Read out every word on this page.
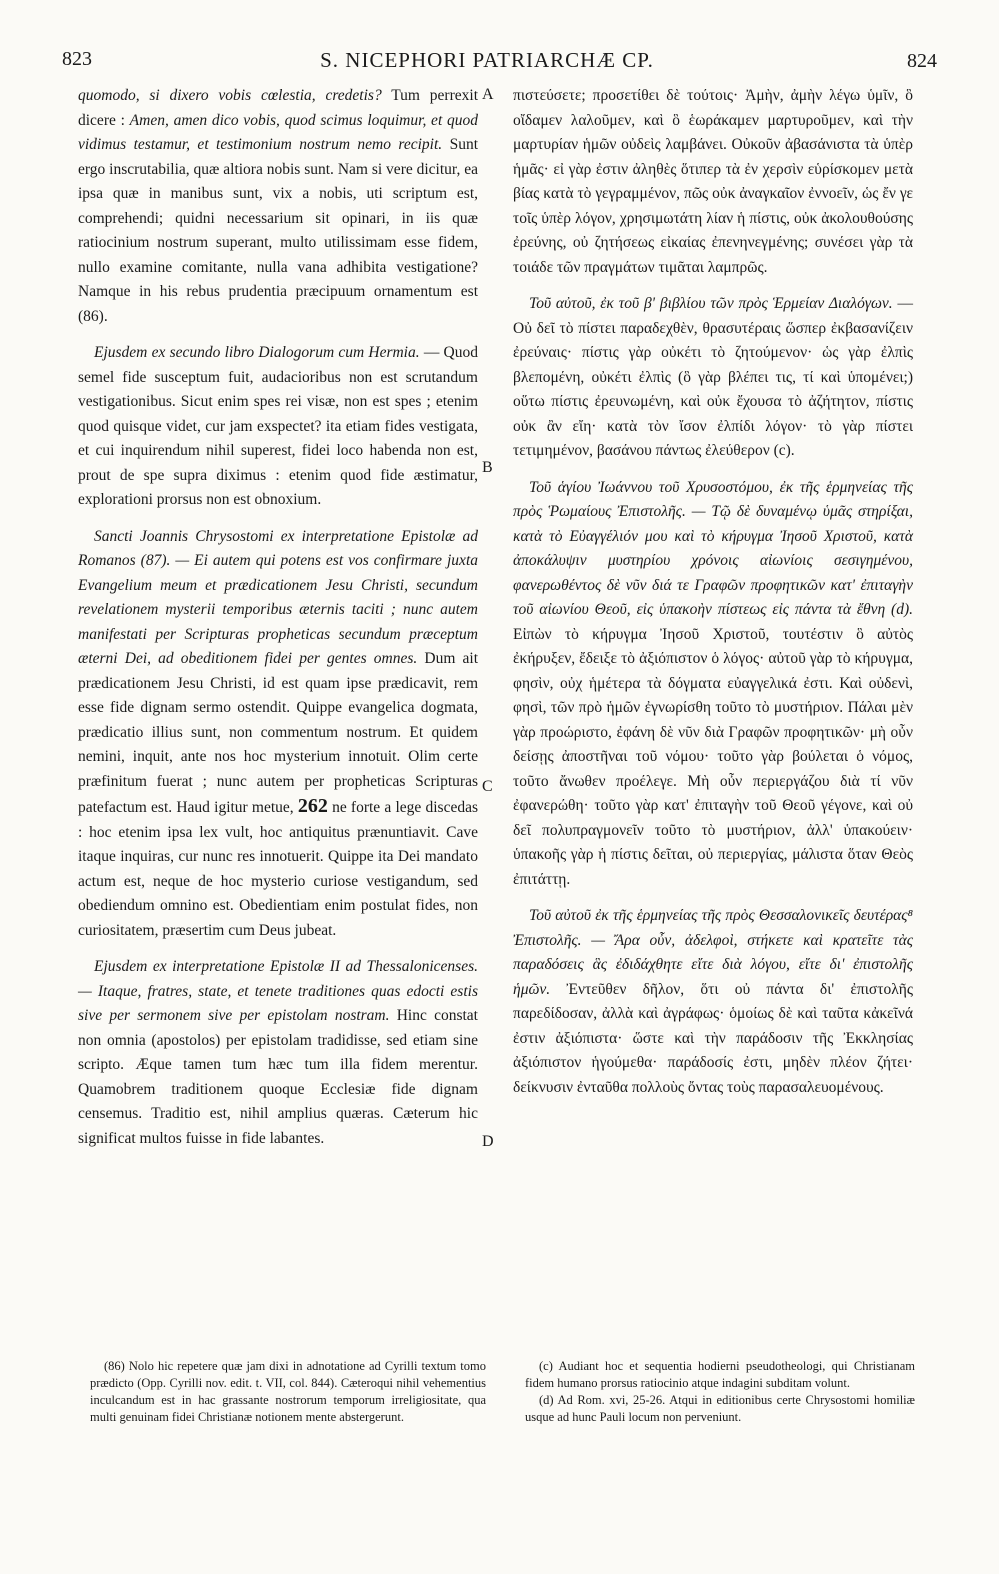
823	S. NICEPHORI PATRIARCHÆ CP.	824
A
B
C
D

quomodo, si dixero vobis cœlestia, credetis? Tum perrexit dicere : Amen, amen dico vobis, quod scimus loquimur, et quod vidimus testamur, et testimonium nostrum nemo recipit. Sunt ergo inscrutabilia, quæ altiora nobis sunt. Nam si vere dicitur, ea ipsa quæ in manibus sunt, vix a nobis, uti scriptum est, comprehendi; quidni necessarium sit opinari, in iis quæ ratiocinium nostrum superant, multo utilissimam esse fidem, nullo examine comitante, nulla vana adhibita vestigatione? Namque in his rebus prudentia præcipuum ornamentum est (86).

Ejusdem ex secundo libro Dialogorum cum Hermia. — Quod semel fide susceptum fuit, audacioribus non est scrutandum vestigationibus. Sicut enim spes rei visæ, non est spes ; etenim quod quisque videt, cur jam exspectet? ita etiam fides vestigata, et cui inquirendum nihil superest, fidei loco habenda non est, prout de spe supra diximus : etenim quod fide æstimatur, explorationi prorsus non est obnoxium.

Sancti Joannis Chrysostomi ex interpretatione Epistolæ ad Romanos (87). — Ei autem qui potens est vos confirmare juxta Evangelium meum et prædicationem Jesu Christi, secundum revelationem mysterii temporibus æternis taciti ; nunc autem manifestati per Scripturas propheticas secundum præceptum æterni Dei, ad obeditionem fidei per gentes omnes. Dum ait prædicationem Jesu Christi, id est quam ipse prædicavit, rem esse fide dignam sermo ostendit. Quippe evangelica dogmata, prædicatio illius sunt, non commentum nostrum. Et quidem nemini, inquit, ante nos hoc mysterium innotuit. Olim certe præfinitum fuerat ; nunc autem per propheticas Scripturas patefactum est. Haud igitur metue, 262 ne forte a lege discedas : hoc etenim ipsa lex vult, hoc antiquitus prænuntiavit. Cave itaque inquiras, cur nunc res innotuerit. Quippe ita Dei mandato actum est, neque de hoc mysterio curiose vestigandum, sed obediendum omnino est. Obedientiam enim postulat fides, non curiositatem, præsertim cum Deus jubeat.

Ejusdem ex interpretatione Epistolæ II ad Thessalonicenses. — Itaque, fratres, state, et tenete traditiones quas edocti estis sive per sermonem sive per epistolam nostram. Hinc constat non omnia (apostolos) per epistolam tradidisse, sed etiam sine scripto. Æque tamen tum hæc tum illa fidem merentur. Quamobrem traditionem quoque Ecclesiæ fide dignam censemus. Traditio est, nihil amplius quæras. Cæterum hic significat multos fuisse in fide labantes.

πιστεύσετε; προσετίθει δὲ τούτοις· Ἀμὴν, ἀμὴν λέγω ὑμῖν, ὃ οἴδαμεν λαλοῦμεν, καὶ ὃ ἑωράκαμεν μαρτυροῦμεν, καὶ τὴν μαρτυρίαν ἡμῶν οὐδεὶς λαμβάνει. Οὐκοῦν ἀβασάνιστα τὰ ὑπὲρ ἡμᾶς· εἰ γὰρ ἐστιν ἀληθὲς ὅτιπερ τὰ ἐν χερσὶν εὑρίσκομεν μετὰ βίας κατὰ τὸ γεγραμμένον, πῶς οὐκ ἀναγκαῖον ἐννοεῖν, ὡς ἔν γε τοῖς ὑπὲρ λόγον, χρησιμωτάτη λίαν ἡ πίστις, οὐκ ἀκολουθούσης ἐρεύνης, οὐ ζητήσεως εἰκαίας ἐπενηνεγμένης; συνέσει γὰρ τὰ τοιάδε τῶν πραγμάτων τιμᾶται λαμπρῶς.

Τοῦ αὐτοῦ, ἐκ τοῦ β' βιβλίου τῶν πρὸς Ἑρμείαν Διαλόγων. — Οὐ δεῖ τὸ πίστει παραδεχθὲν, θρασυτέραις ὥσπερ ἐκβασανίζειν ἐρεύναις· πίστις γὰρ οὐκέτι τὸ ζητούμενον· ὡς γὰρ ἐλπὶς βλεπομένη, οὐκέτι ἐλπὶς (ὃ γὰρ βλέπει τις, τί καὶ ὑπομένει;) οὕτω πίστις ἐρευνωμένη, καὶ οὐκ ἔχουσα τὸ ἀζήτητον, πίστις οὐκ ἂν εἴη· κατὰ τὸν ἴσον ἐλπίδι λόγον· τὸ γὰρ πίστει τετιμημένον, βασάνου πάντως ἐλεύθερον (c).

Τοῦ ἁγίου Ἰωάννου τοῦ Χρυσοστόμου, ἐκ τῆς ἑρμηνείας τῆς πρὸς Ῥωμαίους Ἐπιστολῆς. — Τῷ δὲ δυναμένῳ ὑμᾶς στηρίξαι, κατὰ τὸ Εὐαγγέλιόν μου καὶ τὸ κήρυγμα Ἰησοῦ Χριστοῦ, κατὰ ἀποκάλυψιν μυστηρίου χρόνοις αἰωνίοις σεσιγημένου, φανερωθέντος δὲ νῦν διά τε Γραφῶν προφητικῶν κατ' ἐπιταγὴν τοῦ αἰωνίου Θεοῦ, εἰς ὑπακοὴν πίστεως εἰς πάντα τὰ ἔθνη (d). Εἰπὼν τὸ κήρυγμα Ἰησοῦ Χριστοῦ, τουτέστιν ὃ αὐτὸς ἐκήρυξεν, ἔδειξε τὸ ἀξιόπιστον ὁ λόγος· αὐτοῦ γὰρ τὸ κήρυγμα, φησὶν, οὐχ ἡμέτερα τὰ δόγματα εὐαγγελικά ἐστι. Καὶ οὐδενὶ, φησὶ, τῶν πρὸ ἡμῶν ἐγνωρίσθη τοῦτο τὸ μυστήριον. Πάλαι μὲν γὰρ προώριστο, ἐφάνη δὲ νῦν διὰ Γραφῶν προφητικῶν· μὴ οὖν δείσῃς ἀποστῆναι τοῦ νόμου· τοῦτο γὰρ βούλεται ὁ νόμος, τοῦτο ἄνωθεν προέλεγε. Μὴ οὖν περιεργάζου διὰ τί νῦν ἐφανερώθη· τοῦτο γὰρ κατ' ἐπιταγὴν τοῦ Θεοῦ γέγονε, καὶ οὐ δεῖ πολυπραγμονεῖν τοῦτο τὸ μυστήριον, ἀλλ' ὑπακούειν· ὑπακοῆς γὰρ ἡ πίστις δεῖται, οὐ περιεργίας, μάλιστα ὅταν Θεὸς ἐπιτάττῃ.

Τοῦ αὐτοῦ ἐκ τῆς ἑρμηνείας τῆς πρὸς Θεσσαλονικεῖς δευτέρας⁸ Ἐπιστολῆς. — Ἄρα οὖν, ἀδελφοὶ, στήκετε καὶ κρατεῖτε τὰς παραδόσεις ἃς ἐδιδάχθητε εἴτε διὰ λόγου, εἴτε δι' ἐπιστολῆς ἡμῶν. Ἐντεῦθεν δῆλον, ὅτι οὐ πάντα δι' ἐπιστολῆς παρεδίδοσαν, ἀλλὰ καὶ ἀγράφως· ὁμοίως δὲ καὶ ταῦτα κἀκεῖνά ἐστιν ἀξιόπιστα· ὥστε καὶ τὴν παράδοσιν τῆς Ἐκκλησίας ἀξιόπιστον ἡγούμεθα· παράδοσίς ἐστι, μηδὲν πλέον ζήτει· δείκνυσιν ἐνταῦθα πολλοὺς ὄντας τοὺς παρασαλευομένους.

(86) Nolo hic repetere quæ jam dixi in adnotatione ad Cyrilli textum tomo prædicto (Opp. Cyrilli nov. edit. t. VII, col. 844). Cæteroqui nihil vehementius inculcandum est in hac grassante nostrorum temporum irreligiositate, qua multi genuinam fidei Christianæ notionem mente abstergerunt.

(c) Audiant hoc et sequentia hodierni pseudotheologi, qui Christianam fidem humano prorsus ratiocinio atque indagini subditam volunt.

(d) Ad Rom. xvi, 25-26. Atqui in editionibus certe Chrysostomi homiliæ usque ad hunc Pauli locum non perveniunt.
